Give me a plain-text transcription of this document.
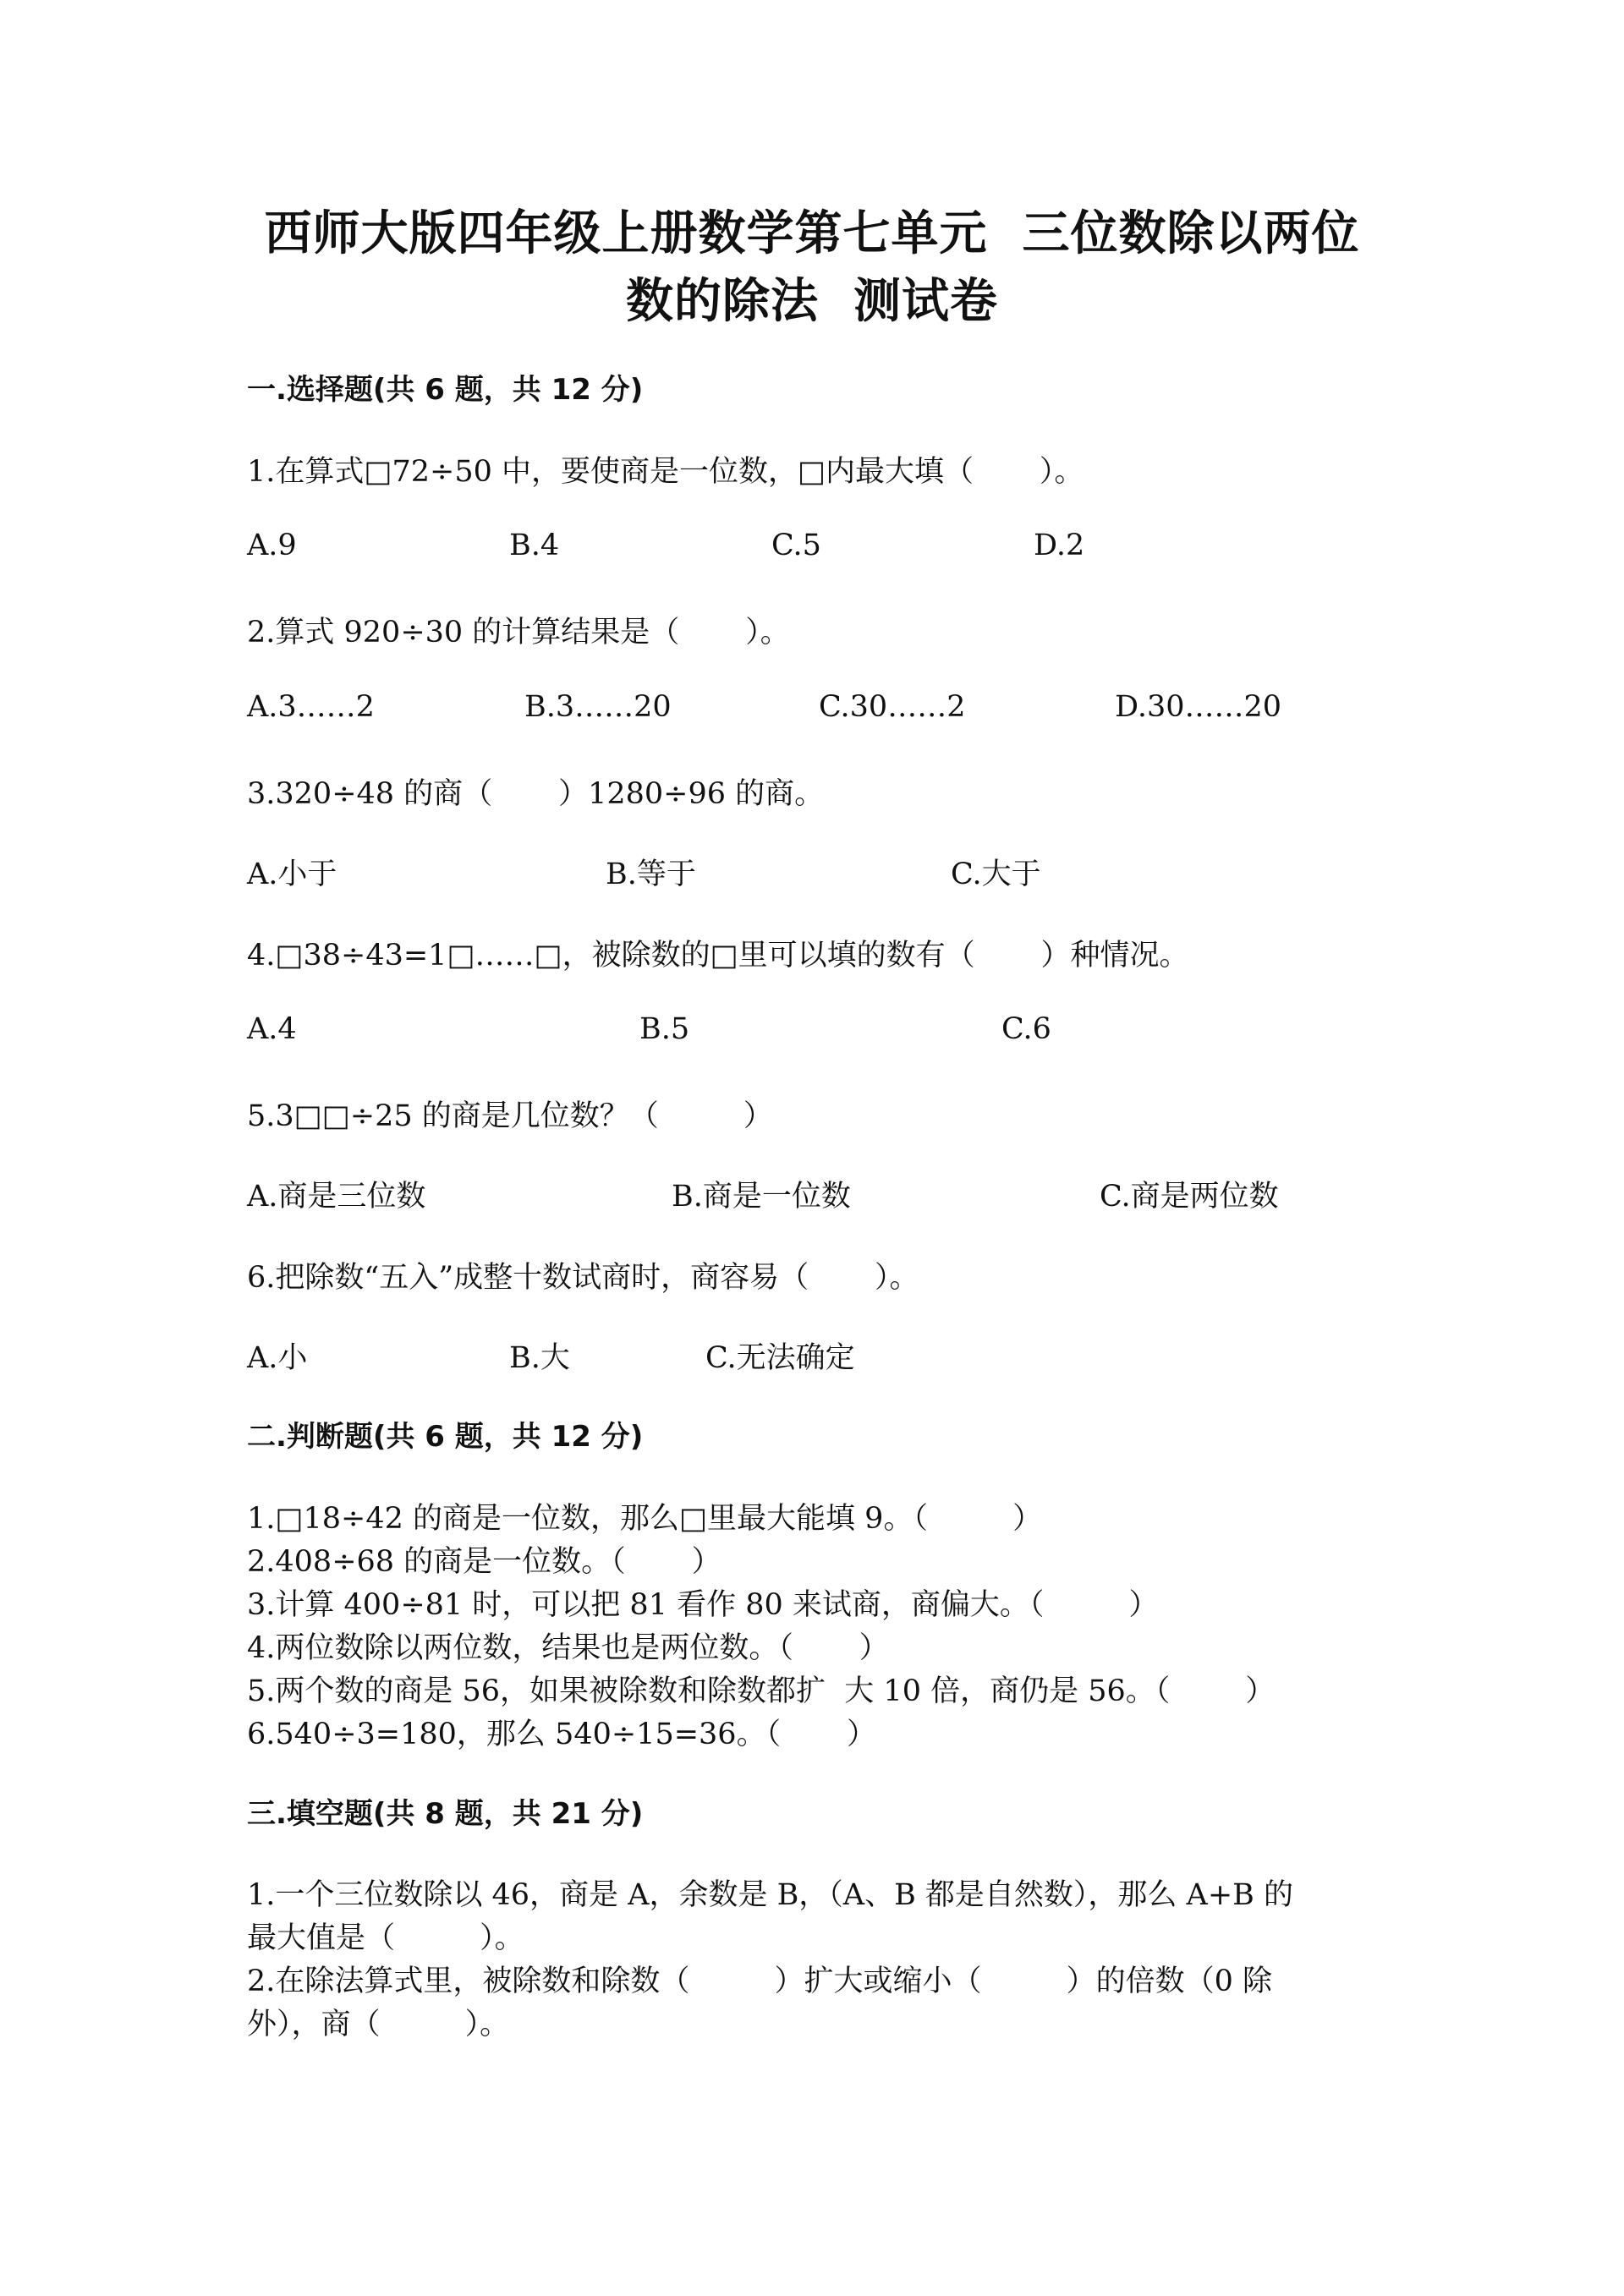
西师大版四年级上册数学第七单元  三位数除以两位
数的除法  测试卷
一.选择题(共 6 题，共 12 分)
1.在算式□72÷50 中，要使商是一位数，□内最大填（       ）。
A.9	B.4	C.5	D.2
2.算式 920÷30 的计算结果是（       ）。
A.3……2	B.3……20	C.30……2	D.30……20
3.320÷48 的商（       ）1280÷96 的商。
A.小于	B.等于	C.大于
4.□38÷43=1□……□，被除数的□里可以填的数有（       ）种情况。
A.4	B.5	C.6
5.3□□÷25 的商是几位数？（         ）
A.商是三位数	B.商是一位数	C.商是两位数
6.把除数“五入”成整十数试商时，商容易（       ）。
A.小	B.大	C.无法确定
二.判断题(共 6 题，共 12 分)
1.□18÷42 的商是一位数，那么□里最大能填 9。（         ）
2.408÷68 的商是一位数。（       ）
3.计算 400÷81 时，可以把 81 看作 80 来试商，商偏大。（         ）
4.两位数除以两位数，结果也是两位数。（       ）
5.两个数的商是 56，如果被除数和除数都扩  大 10 倍，商仍是 56。（        ）
6.540÷3=180，那么 540÷15=36。（       ）
三.填空题(共 8 题，共 21 分)
1.一个三位数除以 46，商是 A，余数是 B，（A、B 都是自然数），那么 A+B 的
最大值是（         ）。
2.在除法算式里，被除数和除数（         ）扩大或缩小（         ）的倍数（0 除
外），商（         ）。
